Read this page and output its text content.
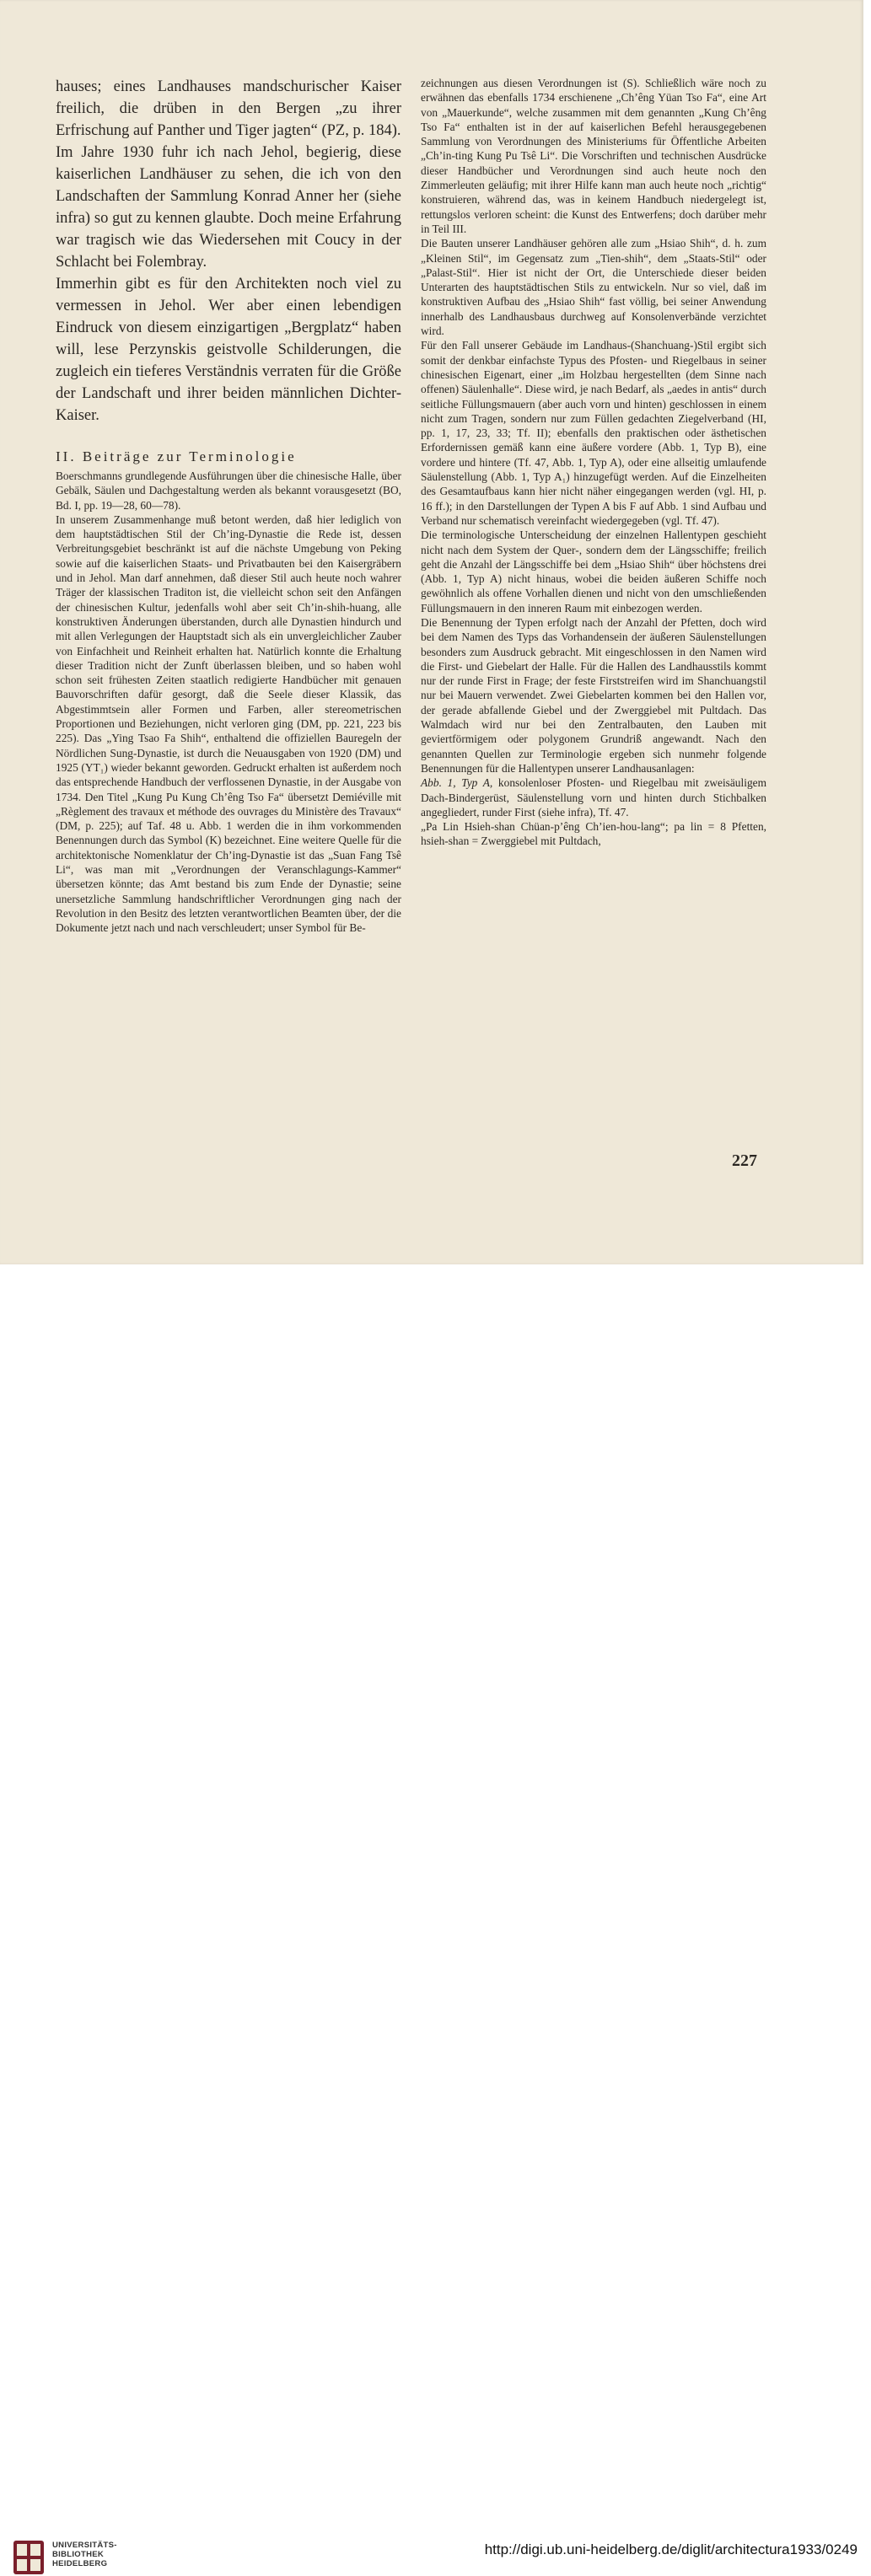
hauses; eines Landhauses mandschurischer Kaiser freilich, die drüben in den Bergen „zu ihrer Erfrischung auf Panther und Tiger jagten“ (PZ, p. 184).

Im Jahre 1930 fuhr ich nach Jehol, begierig, diese kaiserlichen Landhäuser zu sehen, die ich von den Landschaften der Sammlung Konrad Anner her (siehe infra) so gut zu kennen glaubte. Doch meine Erfahrung war tragisch wie das Wiedersehen mit Coucy in der Schlacht bei Folembray.

Immerhin gibt es für den Architekten noch viel zu vermessen in Jehol. Wer aber einen lebendigen Eindruck von diesem einzigartigen „Bergplatz“ haben will, lese Perzynskis geistvolle Schilderungen, die zugleich ein tieferes Verständnis verraten für die Größe der Landschaft und ihrer beiden männlichen Dichter-Kaiser.

II. Beiträge zur Terminologie

Boerschmanns grundlegende Ausführungen über die chinesische Halle, über Gebälk, Säulen und Dachgestaltung werden als bekannt vorausgesetzt (BO, Bd. I, pp. 19—28, 60—78).

In unserem Zusammenhange muß betont werden, daß hier lediglich von dem hauptstädtischen Stil der Ch’ing-Dynastie die Rede ist, dessen Verbreitungsgebiet beschränkt ist auf die nächste Umgebung von Peking sowie auf die kaiserlichen Staats- und Privatbauten bei den Kaisergräbern und in Jehol. Man darf annehmen, daß dieser Stil auch heute noch wahrer Träger der klassischen Traditon ist, die vielleicht schon seit den Anfängen der chinesischen Kultur, jedenfalls wohl aber seit Ch’in-shih-huang, alle konstruktiven Änderungen überstanden, durch alle Dynastien hindurch und mit allen Verlegungen der Hauptstadt sich als ein unvergleichlicher Zauber von Einfachheit und Reinheit erhalten hat. Natürlich konnte die Erhaltung dieser Tradition nicht der Zunft überlassen bleiben, und so haben wohl schon seit frühesten Zeiten staatlich redigierte Handbücher mit genauen Bauvorschriften dafür gesorgt, daß die Seele dieser Klassik, das Abgestimmtsein aller Formen und Farben, aller stereometrischen Proportionen und Beziehungen, nicht verloren ging (DM, pp. 221, 223 bis 225). Das „Ying Tsao Fa Shih“, enthaltend die offiziellen Bauregeln der Nördlichen Sung-Dynastie, ist durch die Neuausgaben von 1920 (DM) und 1925 (YT₁) wieder bekannt geworden. Gedruckt erhalten ist außerdem noch das entsprechende Handbuch der verflossenen Dynastie, in der Ausgabe von 1734. Den Titel „Kung Pu Kung Ch’êng Tso Fa“ übersetzt Demiéville mit „Règlement des travaux et méthode des ouvrages du Ministère des Travaux“ (DM, p. 225); auf Taf. 48 u. Abb. 1 werden die in ihm vorkommenden Benennungen durch das Symbol (K) bezeichnet. Eine weitere Quelle für die architektonische Nomenklatur der Ch’ing-Dynastie ist das „Suan Fang Tsê Li“, was man mit „Verordnungen der Veranschlagungs-Kammer“ übersetzen könnte; das Amt bestand bis zum Ende der Dynastie; seine unersetzliche Sammlung handschriftlicher Verordnungen ging nach der Revolution in den Besitz des letzten verantwortlichen Beamten über, der die Dokumente jetzt nach und nach verschleudert; unser Symbol für Be-

zeichnungen aus diesen Verordnungen ist (S). Schließlich wäre noch zu erwähnen das ebenfalls 1734 erschienene „Ch’êng Yüan Tso Fa“, eine Art von „Mauerkunde“, welche zusammen mit dem genannten „Kung Ch’êng Tso Fa“ enthalten ist in der auf kaiserlichen Befehl herausgegebenen Sammlung von Verordnungen des Ministeriums für Öffentliche Arbeiten „Ch’in-ting Kung Pu Tsê Li“. Die Vorschriften und technischen Ausdrücke dieser Handbücher und Verordnungen sind auch heute noch den Zimmerleuten geläufig; mit ihrer Hilfe kann man auch heute noch „richtig“ konstruieren, während das, was in keinem Handbuch niedergelegt ist, rettungslos verloren scheint: die Kunst des Entwerfens; doch darüber mehr in Teil III.

Die Bauten unserer Landhäuser gehören alle zum „Hsiao Shih“, d. h. zum „Kleinen Stil“, im Gegensatz zum „Tien-shih“, dem „Staats-Stil“ oder „Palast-Stil“. Hier ist nicht der Ort, die Unterschiede dieser beiden Unterarten des hauptstädtischen Stils zu entwickeln. Nur so viel, daß im konstruktiven Aufbau des „Hsiao Shih“ fast völlig, bei seiner Anwendung innerhalb des Landhausbaus durchweg auf Konsolenverbände verzichtet wird.

Für den Fall unserer Gebäude im Landhaus-(Shanchuang-)Stil ergibt sich somit der denkbar einfachste Typus des Pfosten- und Riegelbaus in seiner chinesischen Eigenart, einer „im Holzbau hergestellten (dem Sinne nach offenen) Säulenhalle“. Diese wird, je nach Bedarf, als „aedes in antis“ durch seitliche Füllungsmauern (aber auch vorn und hinten) geschlossen in einem nicht zum Tragen, sondern nur zum Füllen gedachten Ziegelverband (HI, pp. 1, 17, 23, 33; Tf. II); ebenfalls den praktischen oder ästhetischen Erfordernissen gemäß kann eine äußere vordere (Abb. 1, Typ B), eine vordere und hintere (Tf. 47, Abb. 1, Typ A), oder eine allseitig umlaufende Säulenstellung (Abb. 1, Typ A₁) hinzugefügt werden. Auf die Einzelheiten des Gesamtaufbaus kann hier nicht näher eingegangen werden (vgl. HI, p. 16 ff.); in den Darstellungen der Typen A bis F auf Abb. 1 sind Aufbau und Verband nur schematisch vereinfacht wiedergegeben (vgl. Tf. 47).

Die terminologische Unterscheidung der einzelnen Hallentypen geschieht nicht nach dem System der Quer-, sondern dem der Längsschiffe; freilich geht die Anzahl der Längsschiffe bei dem „Hsiao Shih“ über höchstens drei (Abb. 1, Typ A) nicht hinaus, wobei die beiden äußeren Schiffe noch gewöhnlich als offene Vorhallen dienen und nicht von den umschließenden Füllungsmauern in den inneren Raum mit einbezogen werden.

Die Benennung der Typen erfolgt nach der Anzahl der Pfetten, doch wird bei dem Namen des Typs das Vorhandensein der äußeren Säulenstellungen besonders zum Ausdruck gebracht. Mit eingeschlossen in den Namen wird die First- und Giebelart der Halle. Für die Hallen des Landhausstils kommt nur der runde First in Frage; der feste Firststreifen wird im Shanchuangstil nur bei Mauern verwendet. Zwei Giebelarten kommen bei den Hallen vor, der gerade abfallende Giebel und der Zwerggiebel mit Pultdach. Das Walmdach wird nur bei den Zentralbauten, den Lauben mit geviertförmigem oder polygonem Grundriß angewandt. Nach den genannten Quellen zur Terminologie ergeben sich nunmehr folgende Benennungen für die Hallentypen unserer Landhausanlagen:

Abb. 1, Typ A, konsolenloser Pfosten- und Riegelbau mit zweisäuligem Dach-Bindergerüst, Säulenstellung vorn und hinten durch Stichbalken angegliedert, runder First (siehe infra), Tf. 47.

„Pa Lin Hsieh-shan Chüan-p’êng Ch’ien-hou-lang“; pa lin = 8 Pfetten, hsieh-shan = Zwerggiebel mit Pultdach,

227
UNIVERSITÄTS-
BIBLIOTHEK
HEIDELBERG
http://digi.ub.uni-heidelberg.de/diglit/architectura1933/0249
